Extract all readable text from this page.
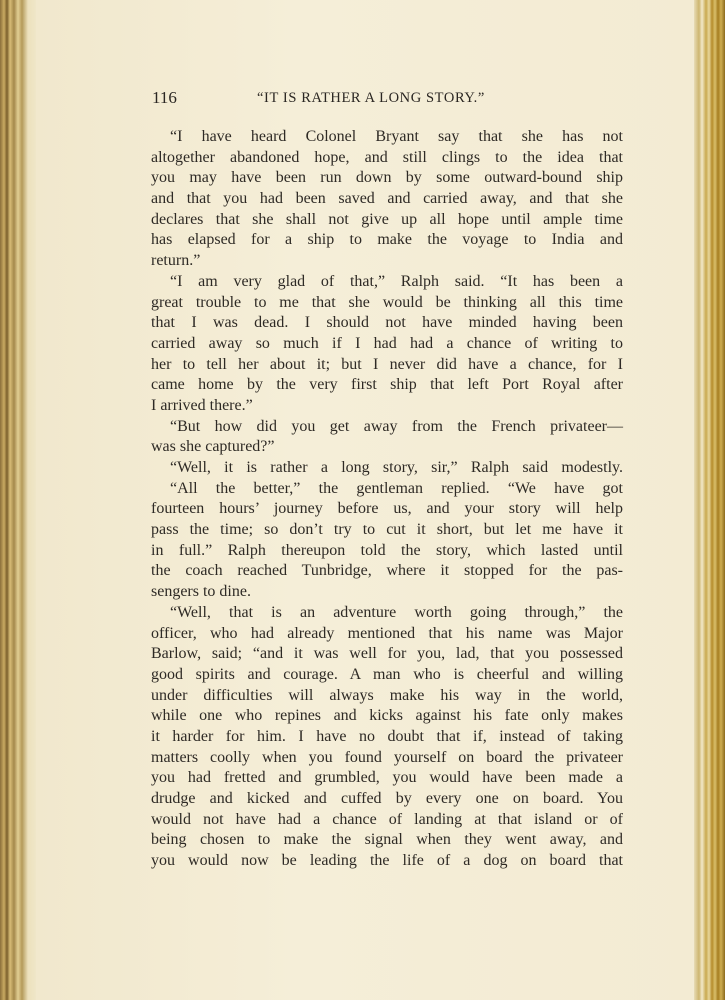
116	“IT IS RATHER A LONG STORY.”
“I have heard Colonel Bryant say that she has not
altogether abandoned hope, and still clings to the idea that
you may have been run down by some outward-bound ship
and that you had been saved and carried away, and that she
declares that she shall not give up all hope until ample time
has elapsed for a ship to make the voyage to India and
return.”
“I am very glad of that,” Ralph said. “It has been a
great trouble to me that she would be thinking all this time
that I was dead. I should not have minded having been
carried away so much if I had had a chance of writing to
her to tell her about it; but I never did have a chance, for I
came home by the very first ship that left Port Royal after
I arrived there.”
“But how did you get away from the French privateer—
was she captured?”
“Well, it is rather a long story, sir,” Ralph said modestly.
“All the better,” the gentleman replied. “We have got
fourteen hours’ journey before us, and your story will help
pass the time; so don’t try to cut it short, but let me have it
in full.” Ralph thereupon told the story, which lasted until
the coach reached Tunbridge, where it stopped for the pas-
sengers to dine.
“Well, that is an adventure worth going through,” the
officer, who had already mentioned that his name was Major
Barlow, said; “and it was well for you, lad, that you possessed
good spirits and courage. A man who is cheerful and willing
under difficulties will always make his way in the world,
while one who repines and kicks against his fate only makes
it harder for him. I have no doubt that if, instead of taking
matters coolly when you found yourself on board the privateer
you had fretted and grumbled, you would have been made a
drudge and kicked and cuffed by every one on board. You
would not have had a chance of landing at that island or of
being chosen to make the signal when they went away, and
you would now be leading the life of a dog on board that
